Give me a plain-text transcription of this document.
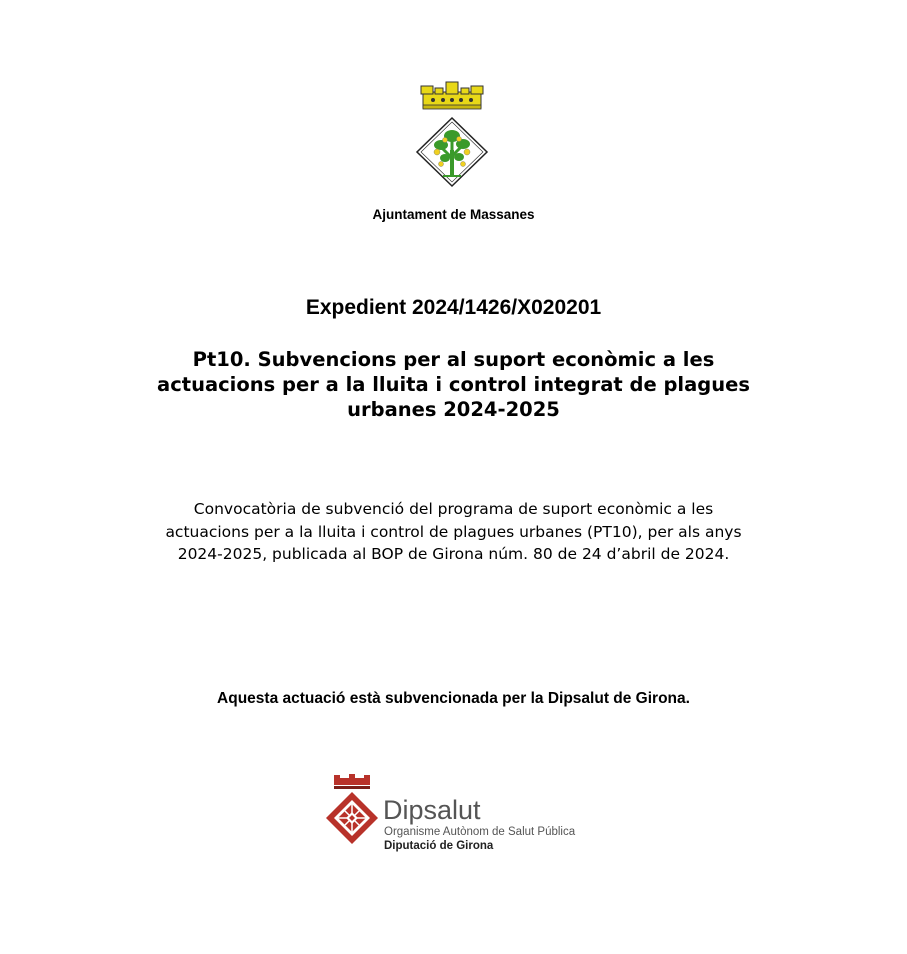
Ajuntament de Massanes
Expedient 2024/1426/X020201
Pt10. Subvencions per al suport econòmic a les
actuacions per a la lluita i control integrat de plagues
urbanes 2024-2025
Convocatòria de subvenció del programa de suport econòmic a les
actuacions per a la lluita i control de plagues urbanes (PT10), per als anys
2024-2025, publicada al BOP de Girona núm. 80 de 24 d’abril de 2024.
Aquesta actuació està subvencionada per la Dipsalut de Girona.
Dipsalut
Organisme Autònom de Salut Pública
Diputació de Girona
